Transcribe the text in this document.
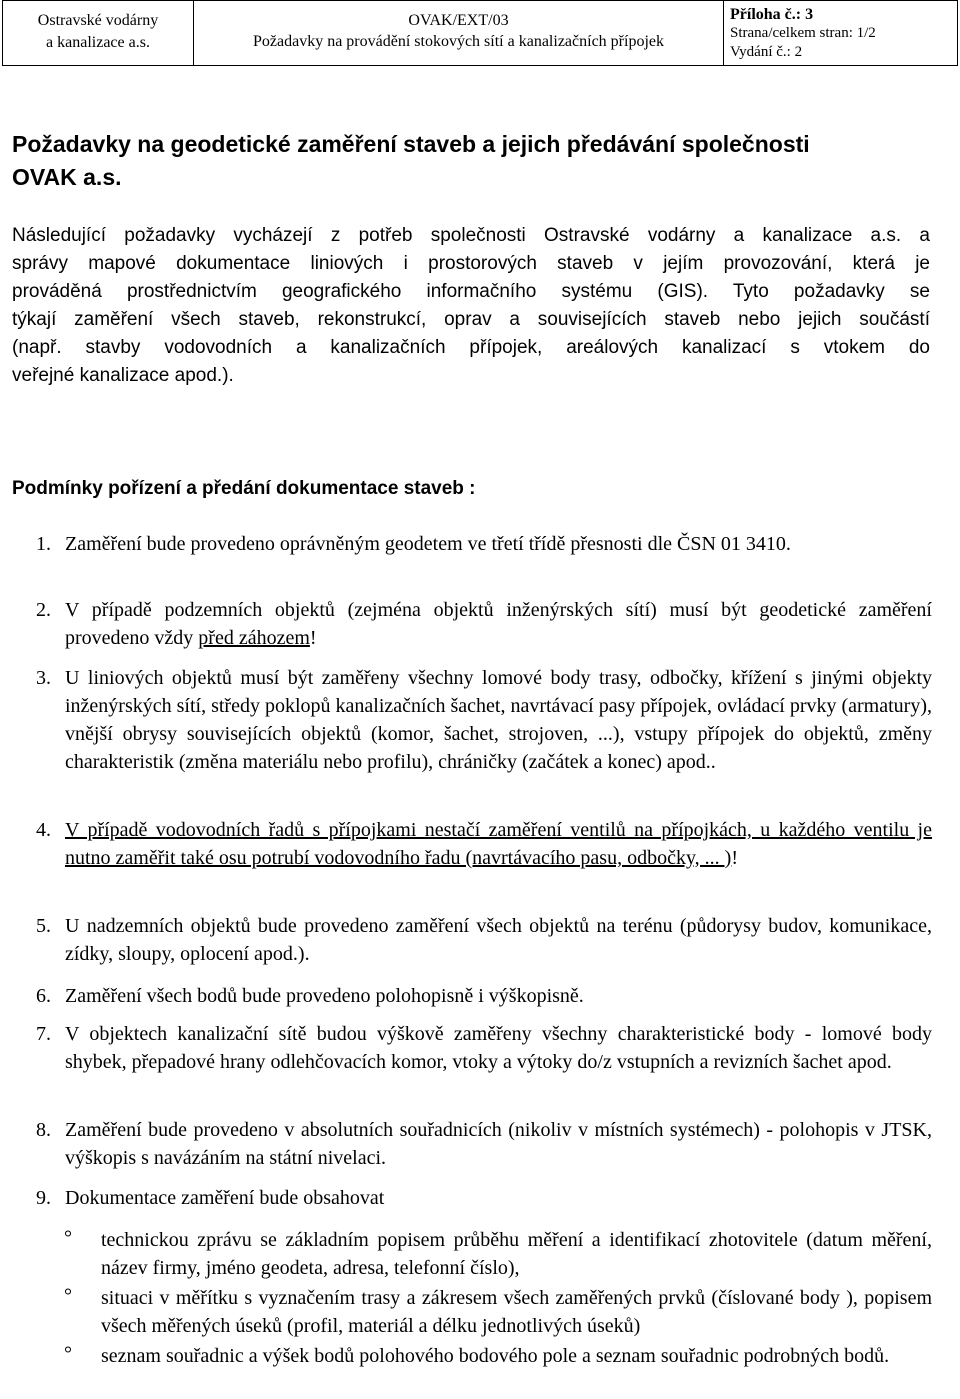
Ostravské vodárny
a kanalizace a.s.
OVAK/EXT/03
Požadavky na provádění stokových sítí a kanalizačních přípojek
Příloha č.: 3
Strana/celkem stran: 1/2
Vydání č.: 2
Požadavky na geodetické zaměření staveb a jejich předávání společnosti
OVAK a.s.
Následující požadavky vycházejí z potřeb společnosti Ostravské vodárny a kanalizace a.s. a
správy mapové dokumentace liniových i prostorových staveb v jejím provozování, která je
prováděná prostřednictvím geografického informačního systému (GIS). Tyto požadavky se
týkají zaměření všech staveb, rekonstrukcí, oprav a souvisejících staveb nebo jejich součástí
(např. stavby vodovodních a kanalizačních přípojek, areálových kanalizací s vtokem do
veřejné kanalizace apod.).
Podmínky pořízení a předání dokumentace staveb :
1. Zaměření bude provedeno oprávněným geodetem ve třetí třídě přesnosti dle ČSN 01 3410.
2. V případě podzemních objektů (zejména objektů inženýrských sítí) musí být geodetické zaměření provedeno vždy před záhozem!
3. U liniových objektů musí být zaměřeny všechny lomové body trasy, odbočky, křížení s jinými objekty inženýrských sítí, středy poklopů kanalizačních šachet, navrtávací pasy přípojek, ovládací prvky (armatury), vnější obrysy souvisejících objektů (komor, šachet, strojoven, ...), vstupy přípojek do objektů, změny charakteristik (změna materiálu nebo profilu), chráničky (začátek a konec) apod..
4. V případě vodovodních řadů s přípojkami nestačí zaměření ventilů na přípojkách, u každého ventilu je nutno zaměřit také osu potrubí vodovodního řadu (navrtávacího pasu, odbočky, ... )!
5. U nadzemních objektů bude provedeno zaměření všech objektů na terénu (půdorysy budov, komunikace, zídky, sloupy, oplocení apod.).
6. Zaměření všech bodů bude provedeno polohopisně i výškopisně.
7. V objektech kanalizační sítě budou výškově zaměřeny všechny charakteristické body - lomové body shybek, přepadové hrany odlehčovacích komor, vtoky a výtoky do/z vstupních a revizních šachet apod.
8. Zaměření bude provedeno v absolutních souřadnicích (nikoliv v místních systémech) - polohopis v JTSK, výškopis s navázáním na státní nivelaci.
9. Dokumentace zaměření bude obsahovat
° technickou zprávu se základním popisem průběhu měření a identifikací zhotovitele (datum měření, název firmy, jméno geodeta, adresa, telefonní číslo),
° situaci v měřítku s vyznačením trasy a zákresem všech zaměřených prvků (číslované body ), popisem všech měřených úseků (profil, materiál a délku jednotlivých úseků)
° seznam souřadnic a výšek bodů polohového bodového pole a seznam souřadnic podrobných bodů.
